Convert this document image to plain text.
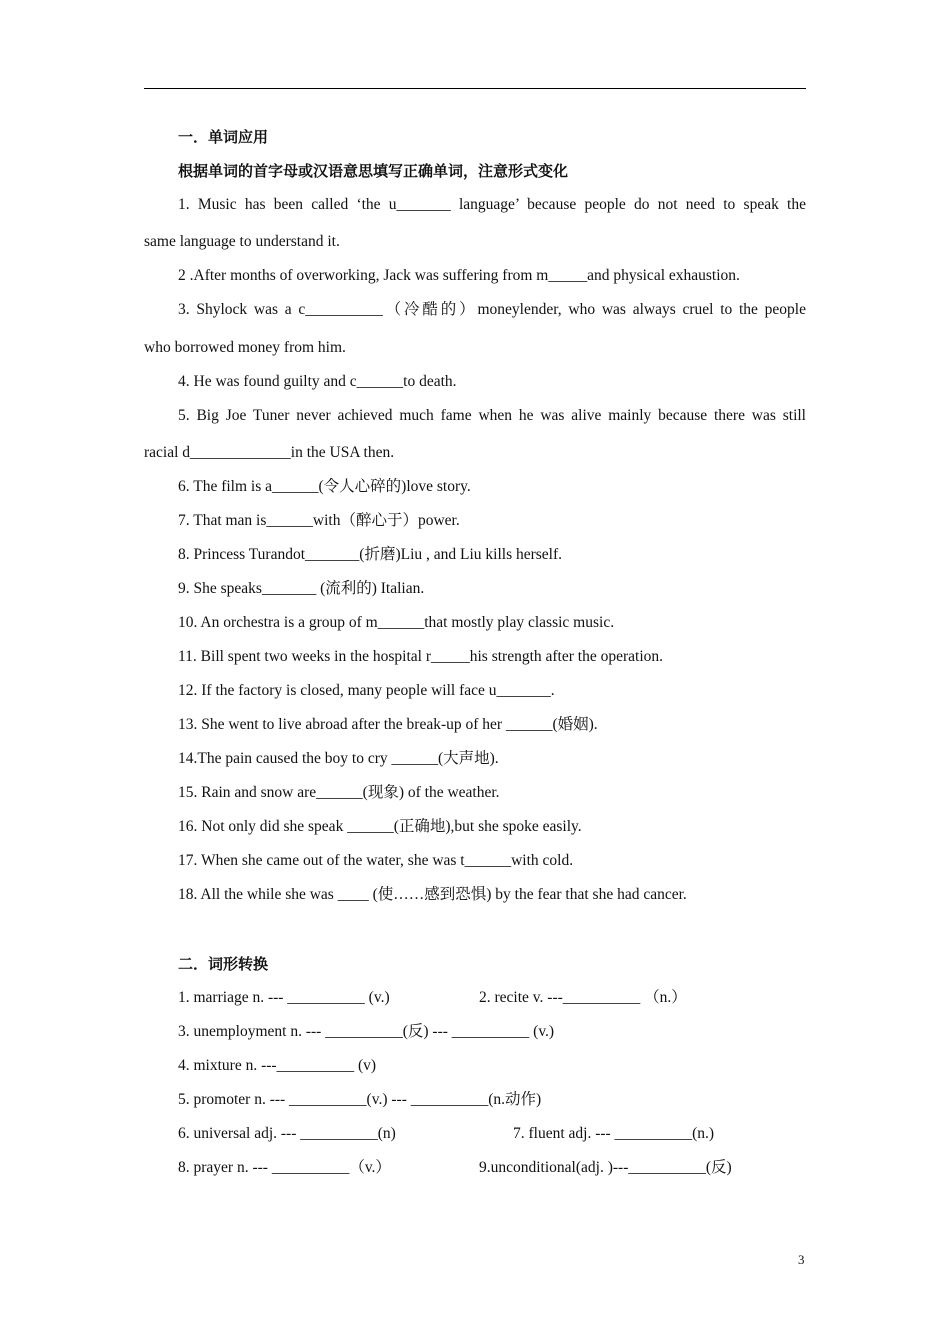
一．单词应用
根据单词的首字母或汉语意思填写正确单词，注意形式变化
1. Music has been called ‘the u_______ language’ because people do not need to speak the
same language to understand it.
2 .After months of overworking, Jack was suffering from m_____and physical exhaustion.
3. Shylock was a c__________（冷酷的）moneylender, who was always cruel to the people
who borrowed money from him.
4. He was found guilty and c______to death.
5. Big Joe Tuner never achieved much fame when he was alive mainly because there was still
racial d_____________in the USA then.
6. The film is a______(令人心碎的)love story.
7. That man is______with（醉心于）power.
8. Princess Turandot_______(折磨)Liu , and Liu kills herself.
9. She speaks_______ (流利的) Italian.
10. An orchestra is a group of m______that mostly play classic music.
11. Bill spent two weeks in the hospital r_____his strength after the operation.
12. If the factory is closed, many people will face u_______.
13. She went to live abroad after the break-up of her ______(婚姻).
14.The pain caused the boy to cry ______(大声地).
15. Rain and snow are______(现象) of the weather.
16. Not only did she speak ______(正确地),but she spoke easily.
17. When she came out of the water, she was t______with cold.
18. All the while she was ____ (使……感到恐惧) by the fear that she had cancer.
二．词形转换
1. marriage n. --- __________ (v.)	2. recite v. ---__________ （n.）
3. unemployment n. --- __________(反) --- __________ (v.)
4. mixture n. ---__________ (v)
5. promoter n. --- __________(v.) --- __________(n.动作)
6. universal adj. --- __________(n)	7. fluent adj. --- __________(n.)
8. prayer n. --- __________（v.）	9.unconditional(adj. )---__________(反)
3
